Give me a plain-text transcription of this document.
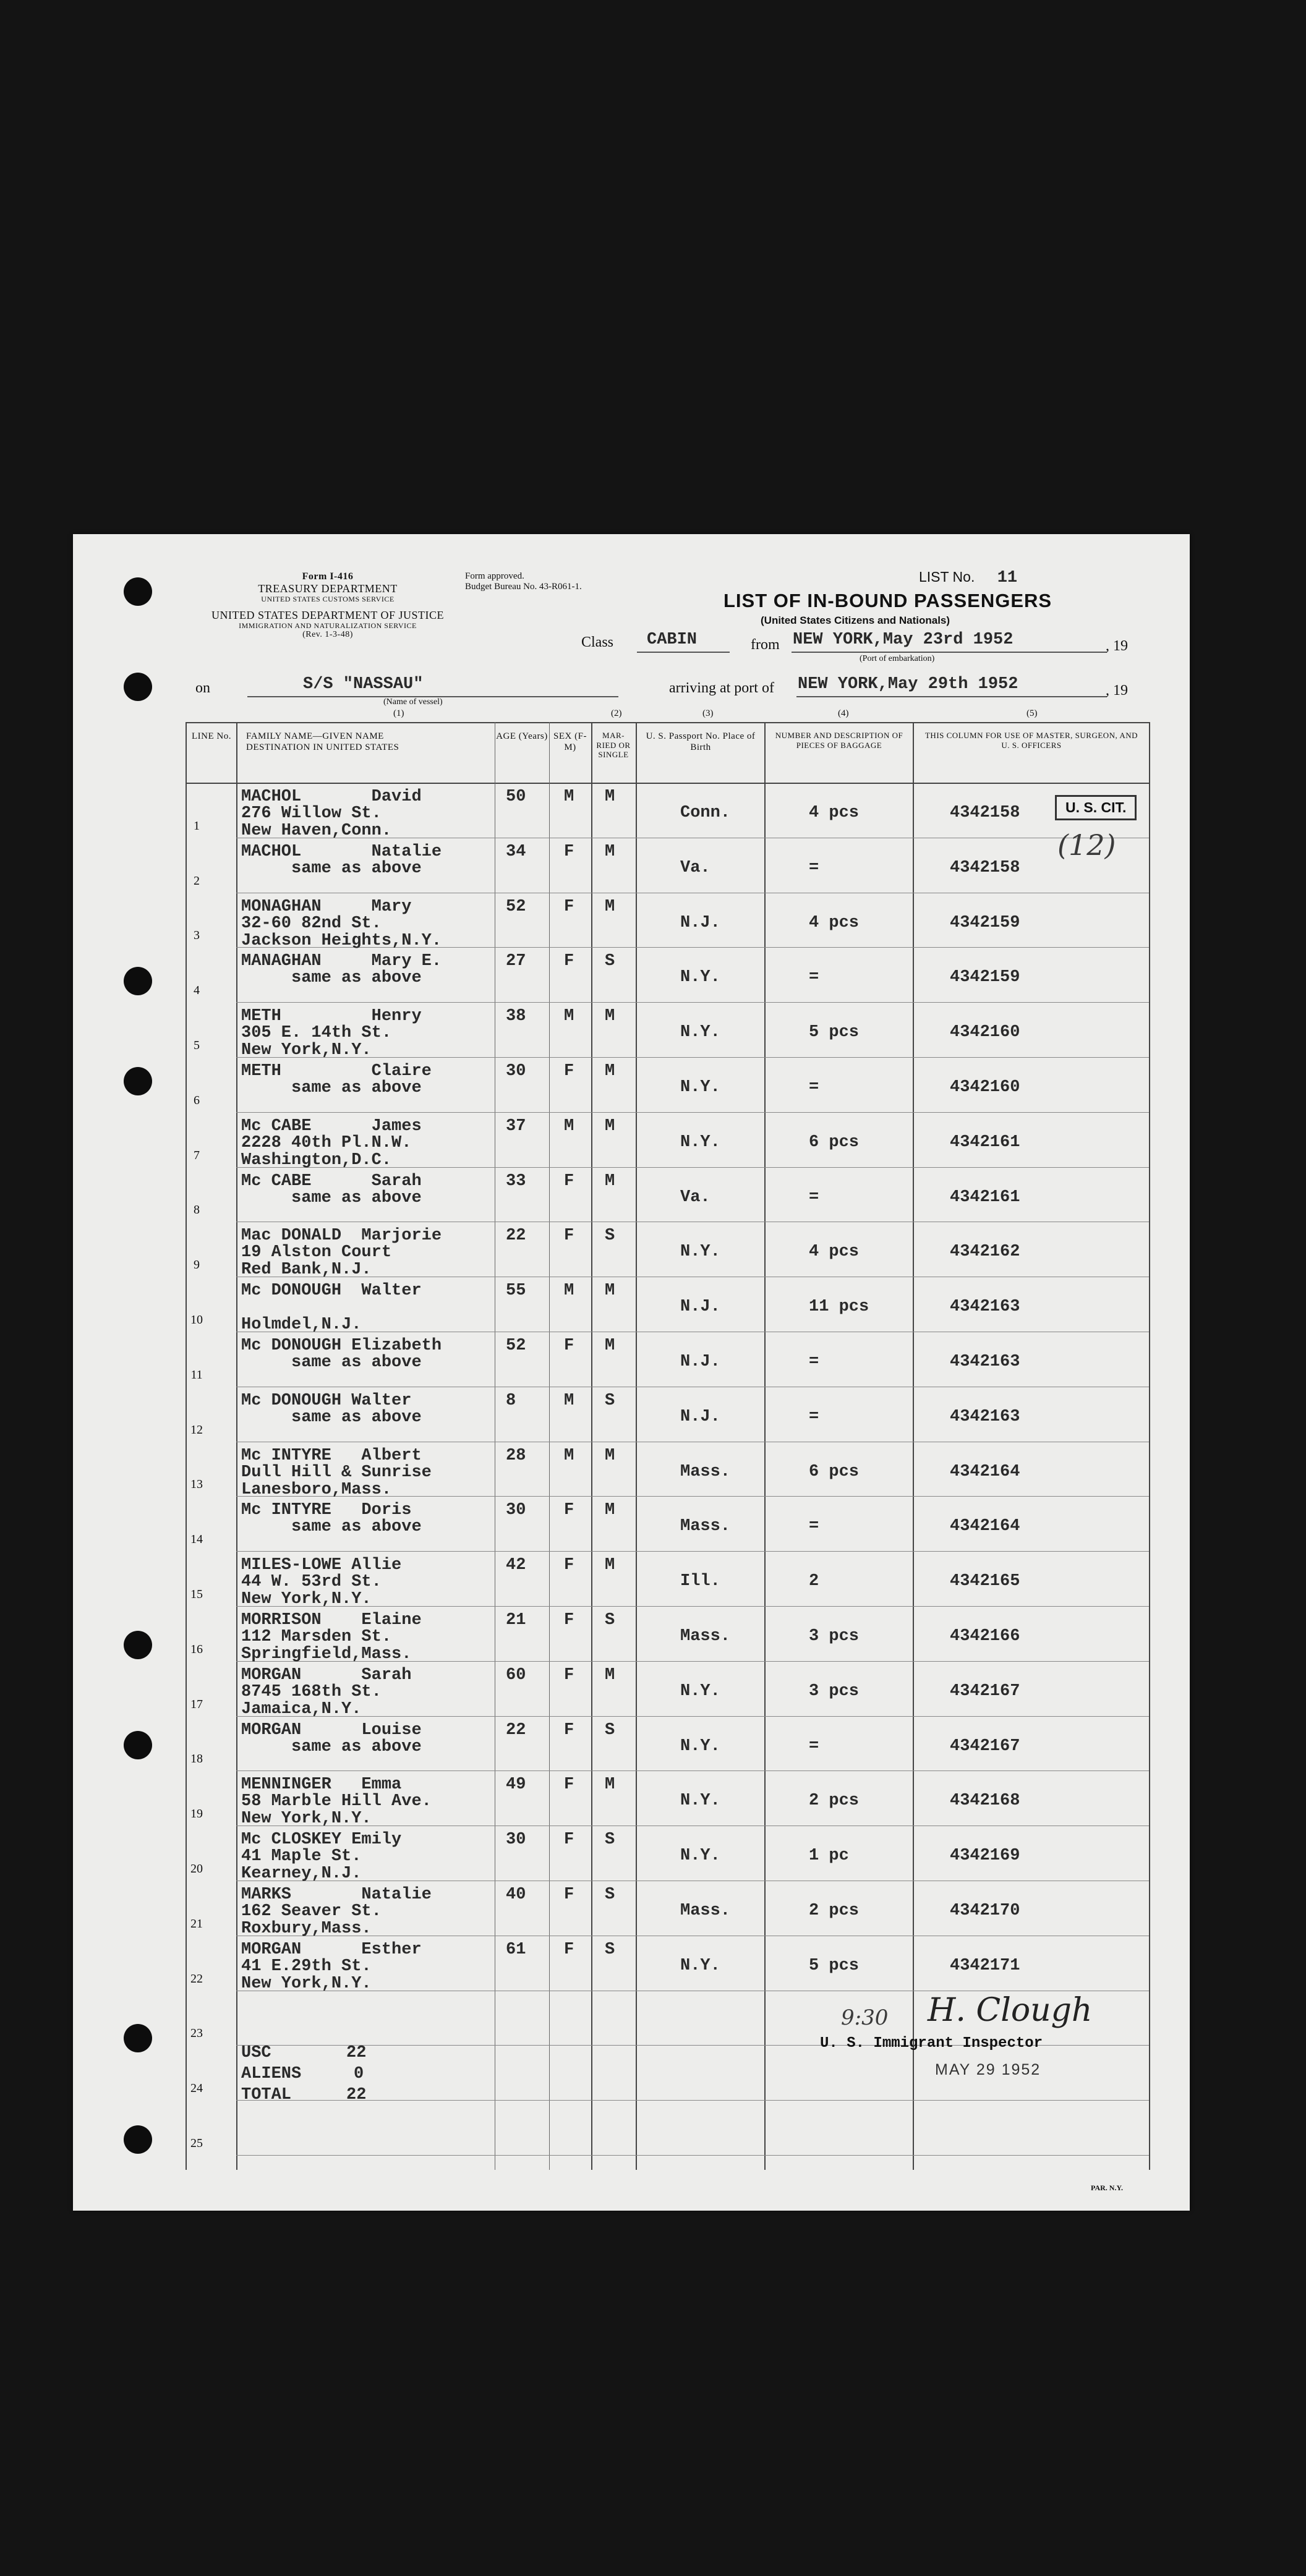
Form I-416
TREASURY DEPARTMENT
UNITED STATES CUSTOMS SERVICE
UNITED STATES DEPARTMENT OF JUSTICE
IMMIGRATION AND NATURALIZATION SERVICE
(Rev. 1-3-48)
Form approved.
Budget Bureau No. 43-R061-1.
LIST No. 11
LIST OF IN-BOUND PASSENGERS
(United States Citizens and Nationals)
Class CABIN	from NEW YORK,May 23rd 1952	, 19
(Port of embarkation)
on	S/S "NASSAU"
(Name of vessel)
arriving at port of NEW YORK,May 29th 1952	, 19
(1)	(2)	(3)	(4)	(5)
LINE No.	FAMILY NAME—GIVEN NAME
DESTINATION IN UNITED STATES
AGE (Years) SEX (F-M)
MAR-RIED OR SINGLE
U. S. Passport No. Place of Birth
NUMBER AND DESCRIPTION OF PIECES OF BAGGAGE
THIS COLUMN FOR USE OF MASTER, SURGEON, AND U. S. OFFICERS
1
MACHOL       David
276 Willow St.
New Haven,Conn.
50 M M
Conn.	4 pcs	4342158
2
MACHOL       Natalie
same as above
34 F M
Va.	=	4342158
3
MONAGHAN     Mary
32-60 82nd St.
Jackson Heights,N.Y.
52 F M
N.J.	4 pcs	4342159
4
MANAGHAN     Mary E.
same as above
27 F S
N.Y.	=	4342159
5
METH         Henry
305 E. 14th St.
New York,N.Y.
38 M M
N.Y.	5 pcs	4342160
6
METH         Claire
same as above
30 F M
N.Y.	=	4342160
7
Mc CABE      James
2228 40th Pl.N.W.
Washington,D.C.
37 M M
N.Y.	6 pcs	4342161
8
Mc CABE      Sarah
same as above
33 F M
Va.	=	4342161
9
Mac DONALD  Marjorie
19 Alston Court
Red Bank,N.J.
22 F S
N.Y.	4 pcs	4342162
10
Mc DONOUGH  Walter

Holmdel,N.J.
55 M M
N.J.	11 pcs	4342163
11
Mc DONOUGH Elizabeth
same as above
52 F M
N.J.	=	4342163
12
Mc DONOUGH Walter
same as above
8	M S
N.J.	=	4342163
13
Mc INTYRE   Albert
Dull Hill & Sunrise
Lanesboro,Mass.
28 M M
Mass.	6 pcs	4342164
14
Mc INTYRE   Doris
same as above
30 F M
Mass.	=	4342164
15
MILES-LOWE Allie
44 W. 53rd St.
New York,N.Y.
42 F M
Ill.	2	4342165
16
MORRISON    Elaine
112 Marsden St.
Springfield,Mass.
21 F S
Mass.	3 pcs	4342166
17
MORGAN      Sarah
8745 168th St.
Jamaica,N.Y.
60 F M
N.Y.	3 pcs	4342167
18
MORGAN      Louise
same as above
22 F S
N.Y.	=	4342167
19
MENNINGER   Emma
58 Marble Hill Ave.
New York,N.Y.
49 F M
N.Y.	2 pcs	4342168
20
Mc CLOSKEY Emily
41 Maple St.
Kearney,N.J.
30 F S
N.Y.	1 pc	4342169
21
MARKS       Natalie
162 Seaver St.
Roxbury,Mass.
40 F S
Mass.	2 pcs	4342170
22
MORGAN      Esther
41 E.29th St.
New York,N.Y.
61 F S
N.Y.	5 pcs	4342171
23
24
25
USC	22
ALIENS	0
TOTAL	22
U. S. CIT.
(12)
9:30 H. Clough
U. S. Immigrant Inspector
MAY 29 1952
PAR. N.Y.
